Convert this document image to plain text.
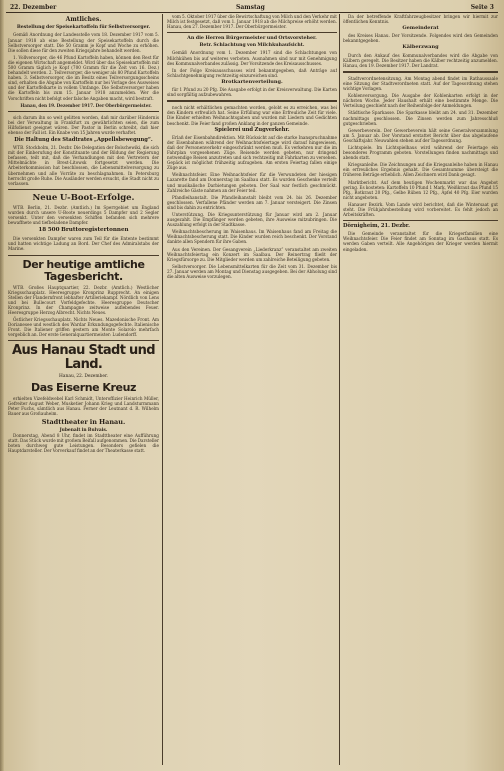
22. Dezember	Samstag	Seite 3
Amtliches.
Bestellung der Speisekartoffeln für Selbstversorger.

Gemäß Anordnung der Landesstelle vom 18. Dezember 1917 vom 5. Januar 1918 ab eine Bestellung der Speisekartoffeln durch die Selbstversorger statt. Die 50 Gramm je Kopf und Woche zu erhöhen. Die sollen diese für den zweiten Kriegsjahre behandelt werden.

1. Vollversorger, die 46 Pfund Kartoffeln haben, können den Rest für die eigenen Wirtschaft angemeldet. Wird über das Speisekartoffeln mit 500 Gramm täglich je Kopf (700 Gramm für die Zeit von 16. Dez.) behandelt werden. 2. Teilversorger, die weniger als 80 Pfund Kartoffeln haben. 3. Selbstversorger, die im Besitz eines Teilversorgungsscheins sind, erhalten die Abgabe von Kartoffeln nur bei Vorlage des Ausweises und der Kartoffelkarte in vollem Umfange. Die Selbstversorger haben die Kartoffeln bis zum 15. Januar 1918 anzumelden. Wer die Vorschriften nicht befolgt oder falsche Angaben macht, wird bestraft.

Hanau, den 19. Dezember 1917. Der Oberbürgermeister.

sich darum ihn so weit gelitten worden, daß mir darüber Hindernis bei der Verwaltung in Frankfurt zu gewährlichten seien, die zum Hilfsdienst geeignet wären. Der Pastor in Berlin schreibt, daß hier ebenso der Fall ist. Ein Knabe von 15 Jahren wurde verhaftet.

Die Haltung des Stadtrates „Appellsbewegung“.

WTB. Stockholm, 21. Dezbr. Die Delegation der Bolschewiki, die sich mit der Einberufung der Konstituante und der Bildung der Regierung befassen, teilt mit, daß die Verhandlungen mit den Vertretern der Mittelmächte in Brest-Litowsk fortgesetzt werden. Die Arbeiterkommission hat beschlossen, die Lebensmittelversorgung zu übernehmen und alle Vorräte zu beschlagnahmen. In Petersburg herrscht große Ruhe. Die Ausländer werden ersucht, die Stadt nicht zu verlassen.

Neue U-Boot-Erfolge.

WTB. Berlin, 21. Dezbr. (Amtlich.) Im Sperrgebiet um England wurden durch unsere U-Boote neuerdings 5 Dampfer und 2 Segler versenkt. Unter den versenkten Schiffen befanden sich mehrere bewaffnete und tiefbeladene Dampfer.

18 500 Bruttoregistertonnen

Die versenkten Dampfer waren zum Teil für die Entente bestimmt und hatten wichtige Ladung an Bord. Der Chef des Admiralstabs der Marine.

Der heutige amtliche Tagesbericht.

WTB. Großes Hauptquartier, 22. Dezbr. (Amtlich.) Westlicher Kriegsschauplatz. Heeresgruppe Kronprinz Rupprecht. An einigen Stellen der Flandernfront lebhafter Artilleriekampf. Nördlich von Lens und bei Bullecourt Vorfeldgefechte. Heeresgruppe Deutscher Kronprinz. In der Champagne zeitweise auflebendes Feuer. Heeresgruppe Herzog Albrecht. Nichts Neues.

Östlicher Kriegsschauplatz. Nichts Neues. Mazedonische Front. Am Dorianesee und westlich des Wardar Erkundungsgefechte. Italienische Front. Die Italiener griffen gestern am Monte Solarolo mehrfach vergeblich an. Der erste Generalquartiermeister: Ludendorff.

Aus Hanau Stadt und Land.
Hanau, 22. Dezember.
Das Eiserne Kreuz

erhielten Vizefeldwebel Karl Schmidt, Unteroffizier Heinrich Müller, Gefreiter August Weber, Musketier Johann Krieg und Landsturmmann Peter Fuchs, sämtlich aus Hanau. Ferner der Leutnant d. R. Wilhelm Bauer aus Großauheim.

Stadttheater in Hanau.
Jubenalt in Bulvais.

Donnerstag, Abend 8 Uhr, findet im Stadttheater eine Aufführung statt. Das Stück wurde mit großem Beifall aufgenommen. Die Darsteller boten durchweg gute Leistungen. Besonders gefielen die Hauptdarsteller. Der Vorverkauf findet an der Theaterkasse statt.

vom 5. Oktober 1917 über die Bewirtschaftung von Milch und den Verkehr mit Milch ist festgesetzt, daß vom 1. Januar 1918 ab die Milchpreise erhöht werden. Hanau, den 27. Dezember 1917. Der Oberbürgermeister.

An die Herren Bürgermeister und Ortsvorsteher.
Betr. Schlachtung von Milchkuhaufsicht.

Gemäß Anordnung vom 1. Dezember 1917 sind die Schlachtungen von Milchkühen bis auf weiteres verboten. Ausnahmen sind nur mit Genehmigung des Kommunalverbandes zulässig. Der Vorsitzende des Kreisausschusses.

In der Folge Kreisausschusses wird bekanntgegeben, daß Anträge auf Schlachtgenehmigung rechtzeitig einzureichen sind.

Brotkartenverteilung.

für 1 Pfund zu 20 Pfg. Die Ausgabe erfolgt in der Kreisverwaltung. Die Karten sind sorgfältig aufzubewahren.

noch nicht erhältlichen gemachten worden, gelobt es zu erreichen, was bei den Kindern erfreulich hat. Seine Erfüllung war eine Erfreuliche Zeit für viele. Die Kinder erhielten Weihnachtsgaben und wurden mit Liedern und Gedichten beschenkt. Die Feier fand großen Anklang in der ganzen Gemeinde.

Spielerei und Zugverkehr.

Erlaß der Eisenbahndirektion. Mit Rücksicht auf die starke Inanspruchnahme der Eisenbahnen während der Weihnachtsfeiertage wird darauf hingewiesen, daß der Personenverkehr eingeschränkt werden muß. Es verkehren nur die im Fahrplan vorgesehenen Züge. Reisende werden gebeten, nur dringend notwendige Reisen anzutreten und sich rechtzeitig mit Fahrkarten zu versehen. Gepäck ist möglichst frühzeitig aufzugeben. Am ersten Feiertag fallen einige Züge aus.

Weihnachtsfeier. Eine Weihnachtsfeier für die Verwundeten der hiesigen Lazarette fand am Donnerstag im Saalbau statt. Es wurden Geschenke verteilt und musikalische Darbietungen geboten. Der Saal war festlich geschmückt. Zahlreiche Gäste nahmen an der Feier teil.

Pfandleihanstalt. Die Pfandleihanstalt bleibt vom 24. bis 26. Dezember geschlossen. Verfallene Pfänder werden am 7. Januar versteigert. Die Zinsen sind bis dahin zu entrichten.

Unterstützung. Die Kriegsunterstützung für Januar wird am 2. Januar ausgezahlt. Die Empfänger werden gebeten, ihre Ausweise mitzubringen. Die Auszahlung erfolgt in der Stadtkasse.

Weihnachtsbescherung im Waisenhaus. Im Waisenhaus fand am Freitag die Weihnachtsbescherung statt. Die Kinder wurden reich beschenkt. Der Vorstand dankte allen Spendern für ihre Gaben.

Aus den Vereinen. Der Gesangverein „Liederkranz“ veranstaltet am zweiten Weihnachtsfeiertag ein Konzert im Saalbau. Der Reinertrag fließt der Kriegsfürsorge zu. Die Mitglieder werden um zahlreiche Beteiligung gebeten.

Selbstversorger. Die Lebensmittelkarten für die Zeit vom 31. Dezember bis 27. Januar werden am Montag und Dienstag ausgegeben. Bei der Abholung sind die alten Ausweise vorzulegen.

Da der betreffende Kraftfahrzeugbesitzer bringen wir hiermit zur öffentlichen Kenntnis.

Gemeinderat

des Kreises Hanau. Der Vorsitzende. Folgendes wird den Gemeinden bekanntgegeben.

Kälberzwang

Durch den Ankauf des Kommunalverbandes wird die Abgabe von Kälbern geregelt. Die Besitzer haben die Kälber rechtzeitig anzumelden. Hanau, den 19. Dezember 1917. Der Landrat.

Stadtverordnetensitzung. Am Montag abend findet im Rathaussaale eine Sitzung der Stadtverordneten statt. Auf der Tagesordnung stehen wichtige Vorlagen.

Kohlenversorgung. Die Ausgabe der Kohlenkarten erfolgt in der nächsten Woche. Jeder Haushalt erhält eine bestimmte Menge. Die Verteilung geschieht nach der Reihenfolge der Anmeldungen.

Städtische Sparkasse. Die Sparkasse bleibt am 24. und 31. Dezember nachmittags geschlossen. Die Zinsen werden zum Jahresschluß gutgeschrieben.

Gewerbeverein. Der Gewerbeverein hält seine Generalversammlung am 5. Januar ab. Der Vorstand erstattet Bericht über das abgelaufene Geschäftsjahr. Neuwahlen stehen auf der Tagesordnung.

Lichtspiele. Im Lichtspielhaus wird während der Feiertage ein besonderes Programm geboten. Vorstellungen finden nachmittags und abends statt.

Kriegsanleihe. Die Zeichnungen auf die Kriegsanleihe haben in Hanau ein erfreuliches Ergebnis gehabt. Die Gesamtsumme übersteigt die früheren Beträge erheblich. Allen Zeichnern wird Dank gesagt.

Marktbericht. Auf dem heutigen Wochenmarkt war das Angebot gering. Es kosteten: Kartoffeln 10 Pfund 1 Mark, Weißkraut das Pfund 15 Pfg., Rotkraut 20 Pfg., Gelbe Rüben 12 Pfg., Äpfel 40 Pfg. Eier wurden nicht angeboten.

Hanauer Bezirk. Vom Lande wird berichtet, daß die Wintersaat gut steht. Die Frühjahrsbestellung wird vorbereitet. Es fehlt jedoch an Arbeitskräften.

Dörnigheim, 21. Dezbr.

Die Gemeinde veranstaltet für die Kriegerfamilien eine Weihnachtsfeier. Die Feier findet am Sonntag im Gasthaus statt. Es werden Gaben verteilt. Alle Angehörigen der Krieger werden hiermit eingeladen.
